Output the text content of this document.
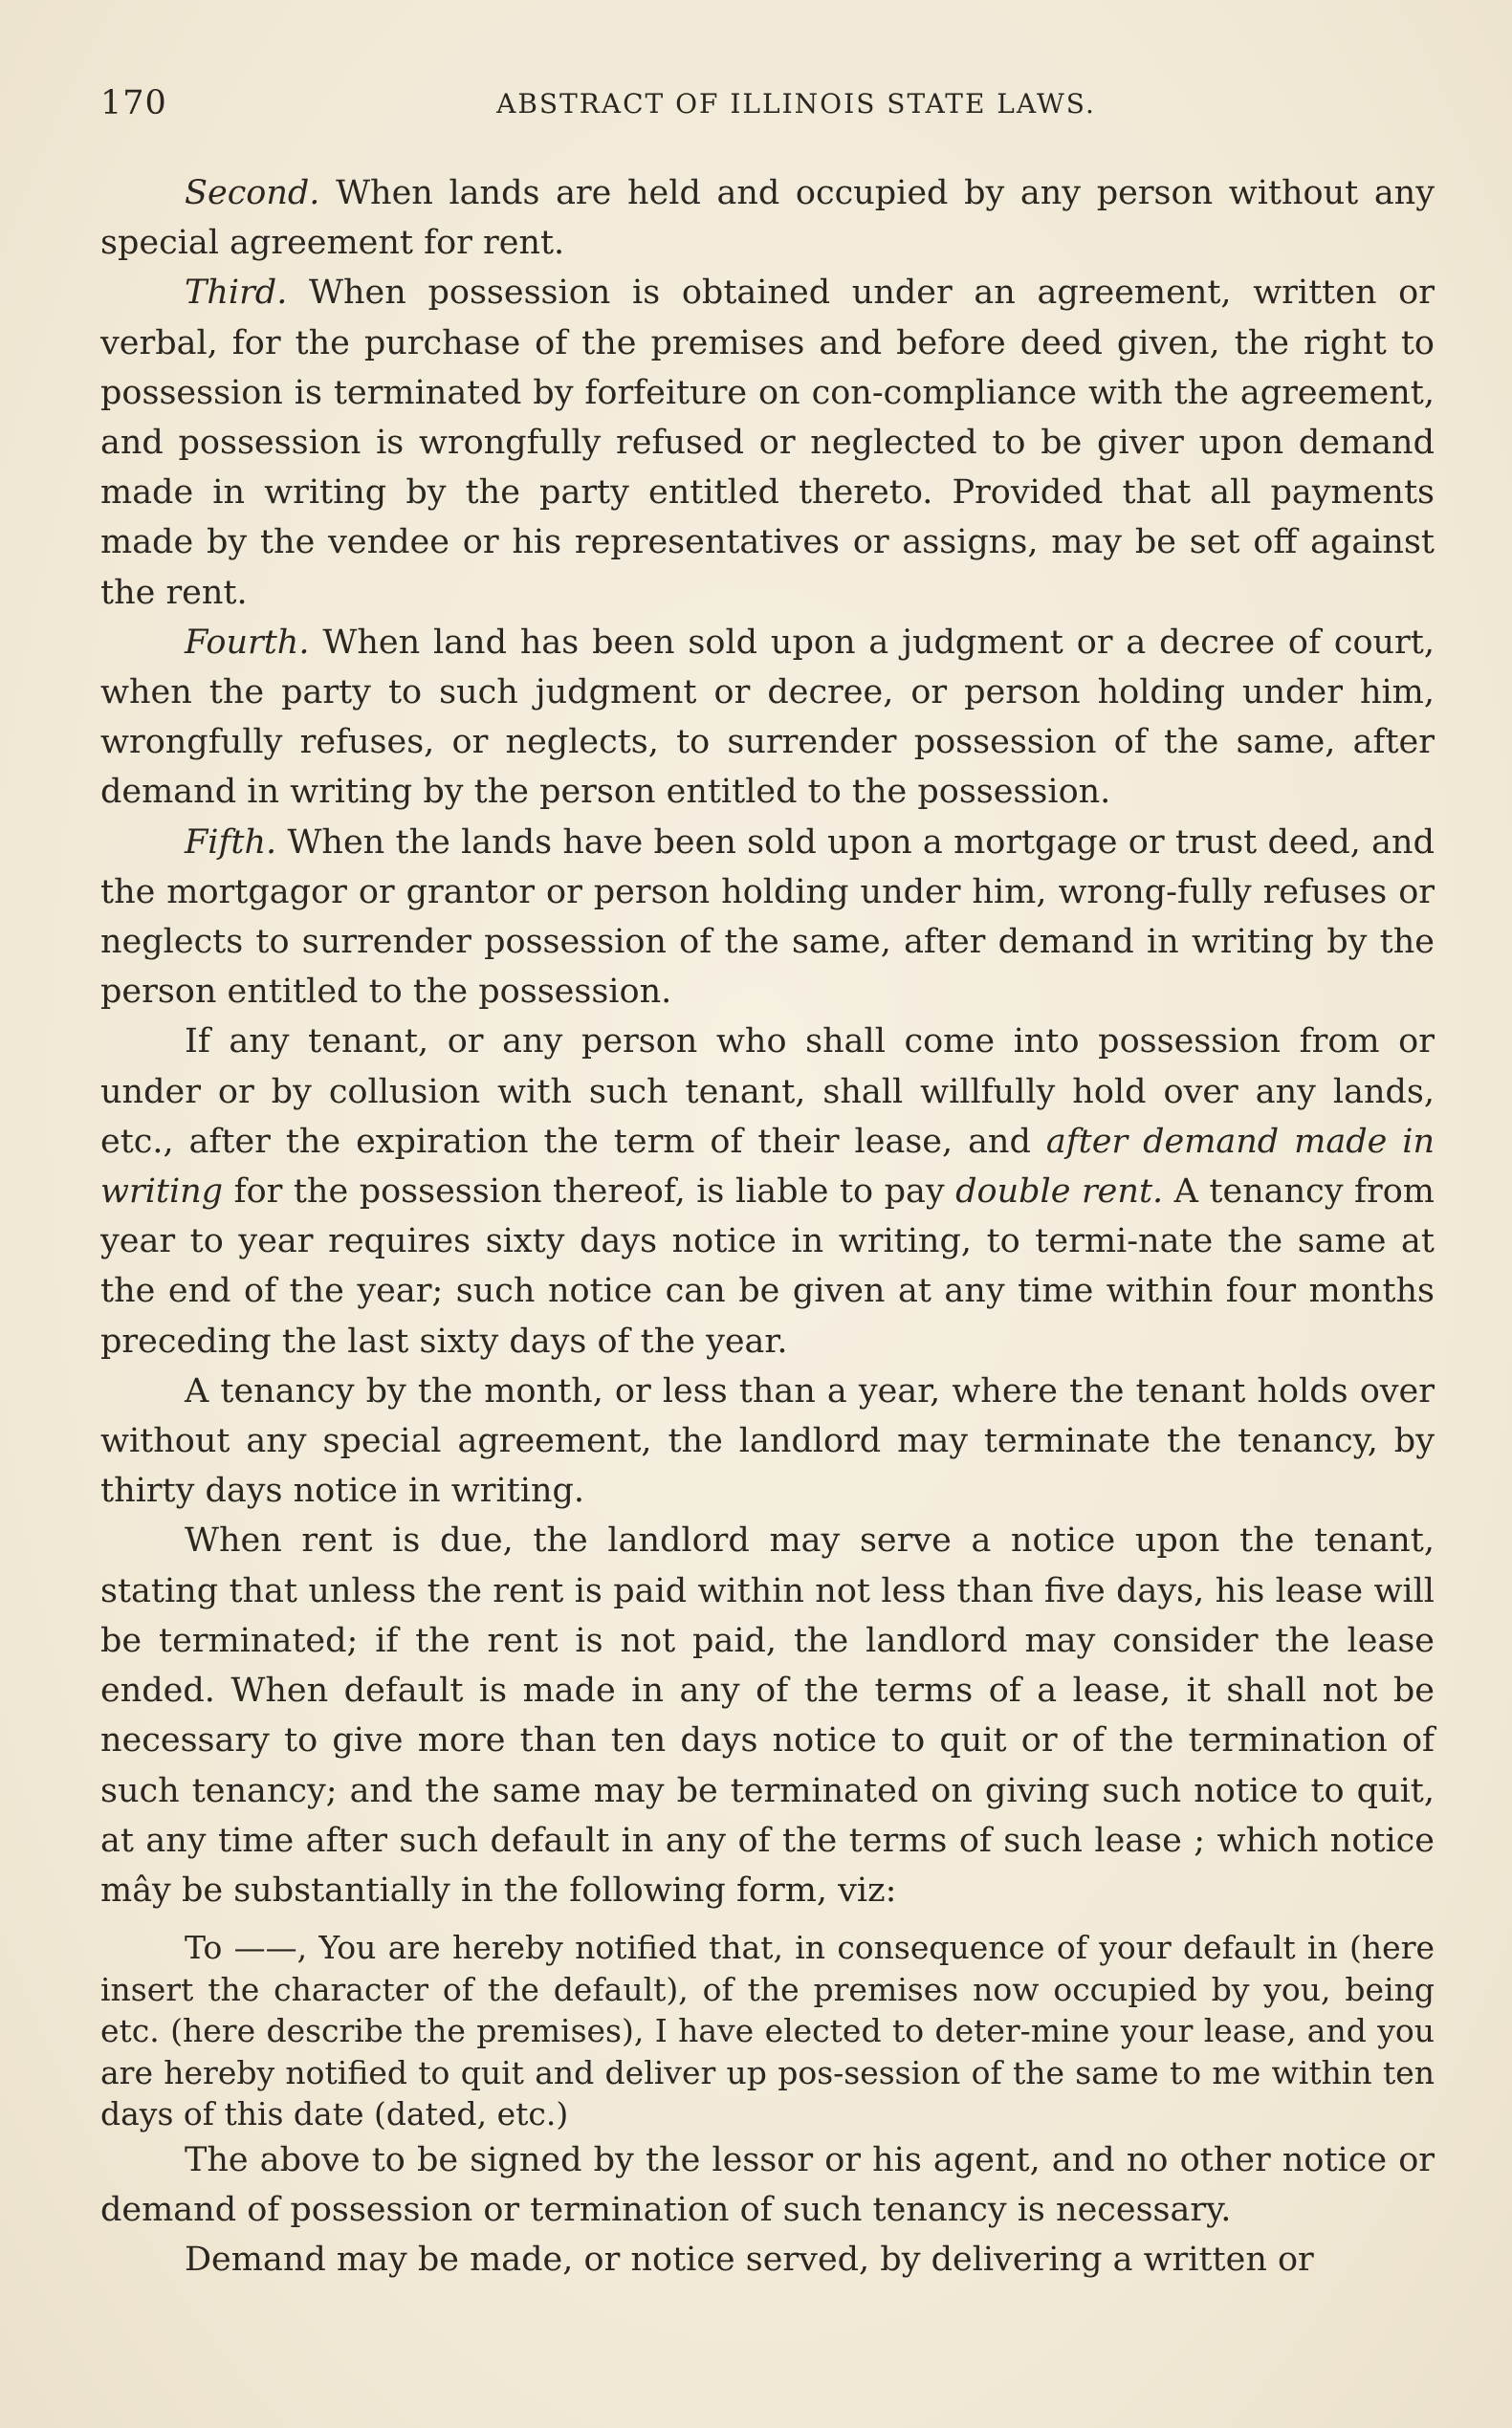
170	ABSTRACT OF ILLINOIS STATE LAWS.

Second. When lands are held and occupied by any person without any special agreement for rent.

Third. When possession is obtained under an agreement, written or verbal, for the purchase of the premises and before deed given, the right to possession is terminated by forfeiture on con-compliance with the agreement, and possession is wrongfully refused or neglected to be giver upon demand made in writing by the party entitled thereto. Provided that all payments made by the vendee or his representatives or assigns, may be set off against the rent.

Fourth. When land has been sold upon a judgment or a decree of court, when the party to such judgment or decree, or person holding under him, wrongfully refuses, or neglects, to surrender possession of the same, after demand in writing by the person entitled to the possession.

Fifth. When the lands have been sold upon a mortgage or trust deed, and the mortgagor or grantor or person holding under him, wrong-fully refuses or neglects to surrender possession of the same, after demand in writing by the person entitled to the possession.

If any tenant, or any person who shall come into possession from or under or by collusion with such tenant, shall willfully hold over any lands, etc., after the expiration the term of their lease, and after demand made in writing for the possession thereof, is liable to pay double rent. A tenancy from year to year requires sixty days notice in writing, to termi-nate the same at the end of the year; such notice can be given at any time within four months preceding the last sixty days of the year.

A tenancy by the month, or less than a year, where the tenant holds over without any special agreement, the landlord may terminate the tenancy, by thirty days notice in writing.

When rent is due, the landlord may serve a notice upon the tenant, stating that unless the rent is paid within not less than five days, his lease will be terminated; if the rent is not paid, the landlord may consider the lease ended. When default is made in any of the terms of a lease, it shall not be necessary to give more than ten days notice to quit or of the termination of such tenancy; and the same may be terminated on giving such notice to quit, at any time after such default in any of the terms of such lease ; which notice mây be substantially in the following form, viz:

To ——, You are hereby notified that, in consequence of your default in (here insert the character of the default), of the premises now occupied by you, being etc. (here describe the premises), I have elected to deter-mine your lease, and you are hereby notified to quit and deliver up pos-session of the same to me within ten days of this date (dated, etc.)

The above to be signed by the lessor or his agent, and no other notice or demand of possession or termination of such tenancy is necessary.

Demand may be made, or notice served, by delivering a written or
